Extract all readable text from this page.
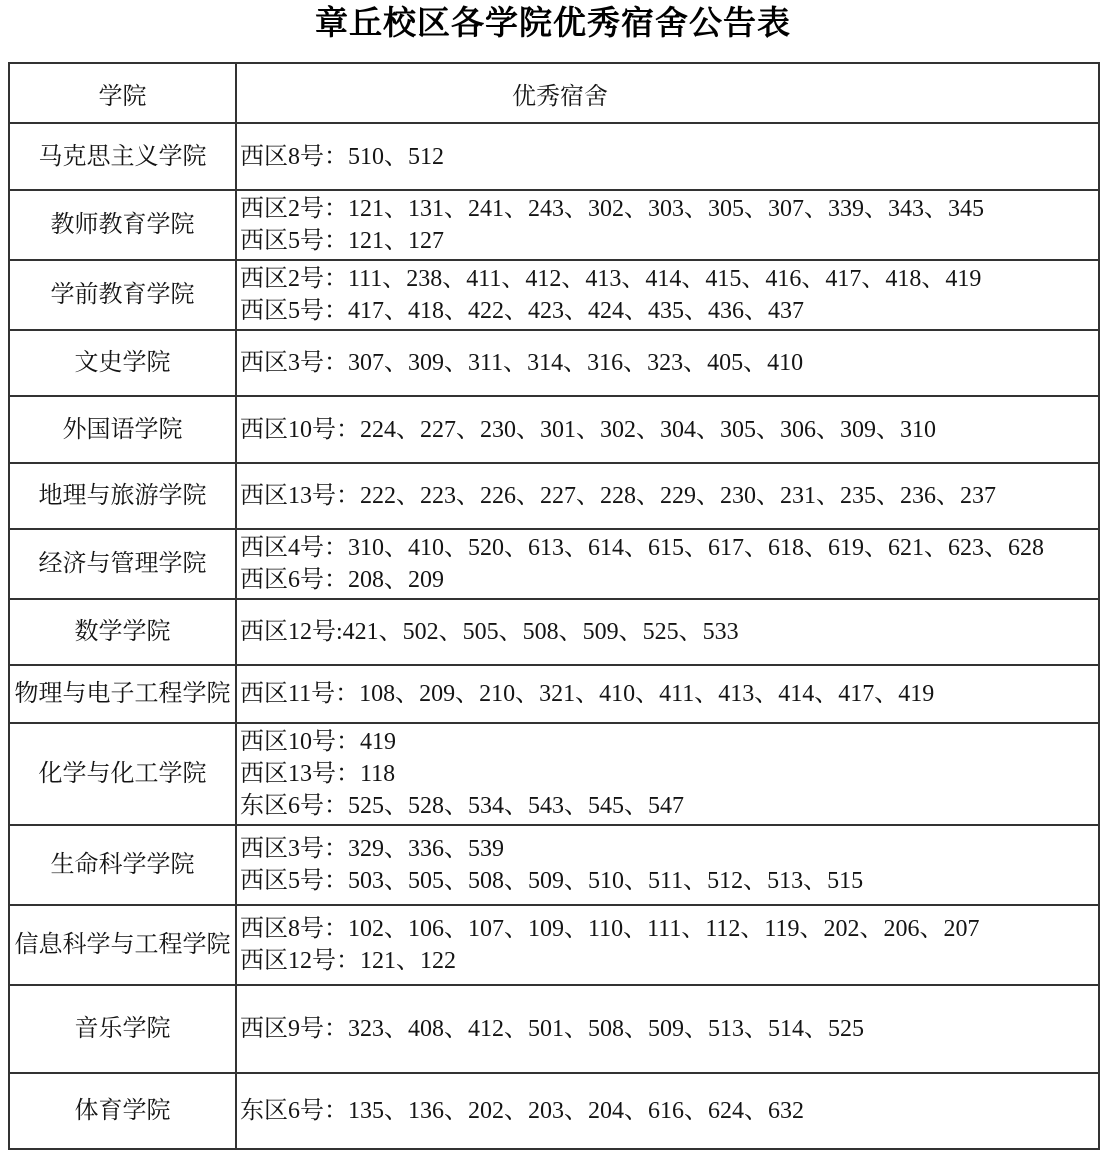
章丘校区各学院优秀宿舍公告表
学院	优秀宿舍
马克思主义学院	西区8号：510、512

教师教育学院	西区2号：121、131、241、243、302、303、305、307、339、343、345
西区5号：121、127

学前教育学院	西区2号：111、238、411、412、413、414、415、416、417、418、419
西区5号：417、418、422、423、424、435、436、437

文史学院	西区3号：307、309、311、314、316、323、405、410

外国语学院	西区10号：224、227、230、301、302、304、305、306、309、310

地理与旅游学院	西区13号：222、223、226、227、228、229、230、231、235、236、237

经济与管理学院	西区4号：310、410、520、613、614、615、617、618、619、621、623、628
西区6号：208、209

数学学院	西区12号:421、502、505、508、509、525、533

物理与电子工程学院	西区11号：108、209、210、321、410、411、413、414、417、419

化学与化工学院	西区10号：419
西区13号：118
东区6号：525、528、534、543、545、547

生命科学学院	西区3号：329、336、539
西区5号：503、505、508、509、510、511、512、513、515

信息科学与工程学院	西区8号：102、106、107、109、110、111、112、119、202、206、207
西区12号：121、122

音乐学院	西区9号：323、408、412、501、508、509、513、514、525

体育学院	东区6号：135、136、202、203、204、616、624、632
